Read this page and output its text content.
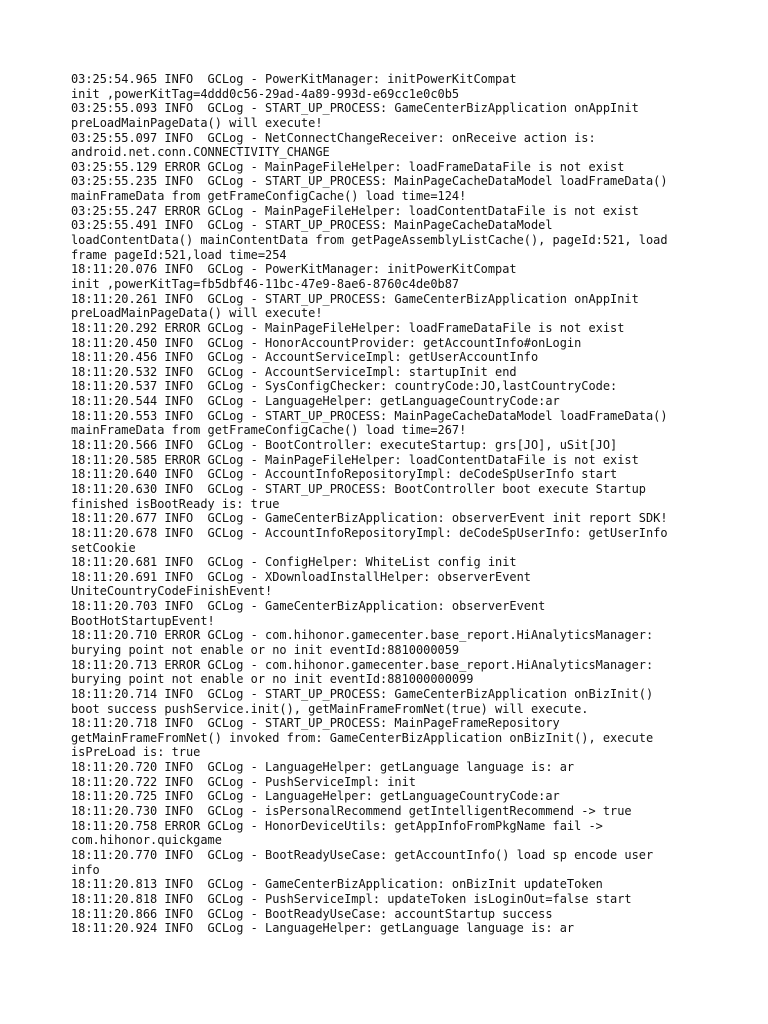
03:25:54.965 INFO  GCLog - PowerKitManager: initPowerKitCompat
init ,powerKitTag=4ddd0c56-29ad-4a89-993d-e69cc1e0c0b5
03:25:55.093 INFO  GCLog - START_UP_PROCESS: GameCenterBizApplication onAppInit
preLoadMainPageData() will execute!
03:25:55.097 INFO  GCLog - NetConnectChangeReceiver: onReceive action is:
android.net.conn.CONNECTIVITY_CHANGE
03:25:55.129 ERROR GCLog - MainPageFileHelper: loadFrameDataFile is not exist
03:25:55.235 INFO  GCLog - START_UP_PROCESS: MainPageCacheDataModel loadFrameData()
mainFrameData from getFrameConfigCache() load time=124!
03:25:55.247 ERROR GCLog - MainPageFileHelper: loadContentDataFile is not exist
03:25:55.491 INFO  GCLog - START_UP_PROCESS: MainPageCacheDataModel
loadContentData() mainContentData from getPageAssemblyListCache(), pageId:521, load
frame pageId:521,load time=254
18:11:20.076 INFO  GCLog - PowerKitManager: initPowerKitCompat
init ,powerKitTag=fb5dbf46-11bc-47e9-8ae6-8760c4de0b87
18:11:20.261 INFO  GCLog - START_UP_PROCESS: GameCenterBizApplication onAppInit
preLoadMainPageData() will execute!
18:11:20.292 ERROR GCLog - MainPageFileHelper: loadFrameDataFile is not exist
18:11:20.450 INFO  GCLog - HonorAccountProvider: getAccountInfo#onLogin
18:11:20.456 INFO  GCLog - AccountServiceImpl: getUserAccountInfo
18:11:20.532 INFO  GCLog - AccountServiceImpl: startupInit end
18:11:20.537 INFO  GCLog - SysConfigChecker: countryCode:JO,lastCountryCode:
18:11:20.544 INFO  GCLog - LanguageHelper: getLanguageCountryCode:ar
18:11:20.553 INFO  GCLog - START_UP_PROCESS: MainPageCacheDataModel loadFrameData()
mainFrameData from getFrameConfigCache() load time=267!
18:11:20.566 INFO  GCLog - BootController: executeStartup: grs[JO], uSit[JO]
18:11:20.585 ERROR GCLog - MainPageFileHelper: loadContentDataFile is not exist
18:11:20.640 INFO  GCLog - AccountInfoRepositoryImpl: deCodeSpUserInfo start
18:11:20.630 INFO  GCLog - START_UP_PROCESS: BootController boot execute Startup
finished isBootReady is: true
18:11:20.677 INFO  GCLog - GameCenterBizApplication: observerEvent init report SDK!
18:11:20.678 INFO  GCLog - AccountInfoRepositoryImpl: deCodeSpUserInfo: getUserInfo
setCookie
18:11:20.681 INFO  GCLog - ConfigHelper: WhiteList config init
18:11:20.691 INFO  GCLog - XDownloadInstallHelper: observerEvent
UniteCountryCodeFinishEvent!
18:11:20.703 INFO  GCLog - GameCenterBizApplication: observerEvent
BootHotStartupEvent!
18:11:20.710 ERROR GCLog - com.hihonor.gamecenter.base_report.HiAnalyticsManager:
burying point not enable or no init eventId:8810000059
18:11:20.713 ERROR GCLog - com.hihonor.gamecenter.base_report.HiAnalyticsManager:
burying point not enable or no init eventId:881000000099
18:11:20.714 INFO  GCLog - START_UP_PROCESS: GameCenterBizApplication onBizInit()
boot success pushService.init(), getMainFrameFromNet(true) will execute.
18:11:20.718 INFO  GCLog - START_UP_PROCESS: MainPageFrameRepository
getMainFrameFromNet() invoked from: GameCenterBizApplication onBizInit(), execute
isPreLoad is: true
18:11:20.720 INFO  GCLog - LanguageHelper: getLanguage language is: ar
18:11:20.722 INFO  GCLog - PushServiceImpl: init
18:11:20.725 INFO  GCLog - LanguageHelper: getLanguageCountryCode:ar
18:11:20.730 INFO  GCLog - isPersonalRecommend getIntelligentRecommend -> true
18:11:20.758 ERROR GCLog - HonorDeviceUtils: getAppInfoFromPkgName fail ->
com.hihonor.quickgame
18:11:20.770 INFO  GCLog - BootReadyUseCase: getAccountInfo() load sp encode user
info
18:11:20.813 INFO  GCLog - GameCenterBizApplication: onBizInit updateToken
18:11:20.818 INFO  GCLog - PushServiceImpl: updateToken isLoginOut=false start
18:11:20.866 INFO  GCLog - BootReadyUseCase: accountStartup success
18:11:20.924 INFO  GCLog - LanguageHelper: getLanguage language is: ar
